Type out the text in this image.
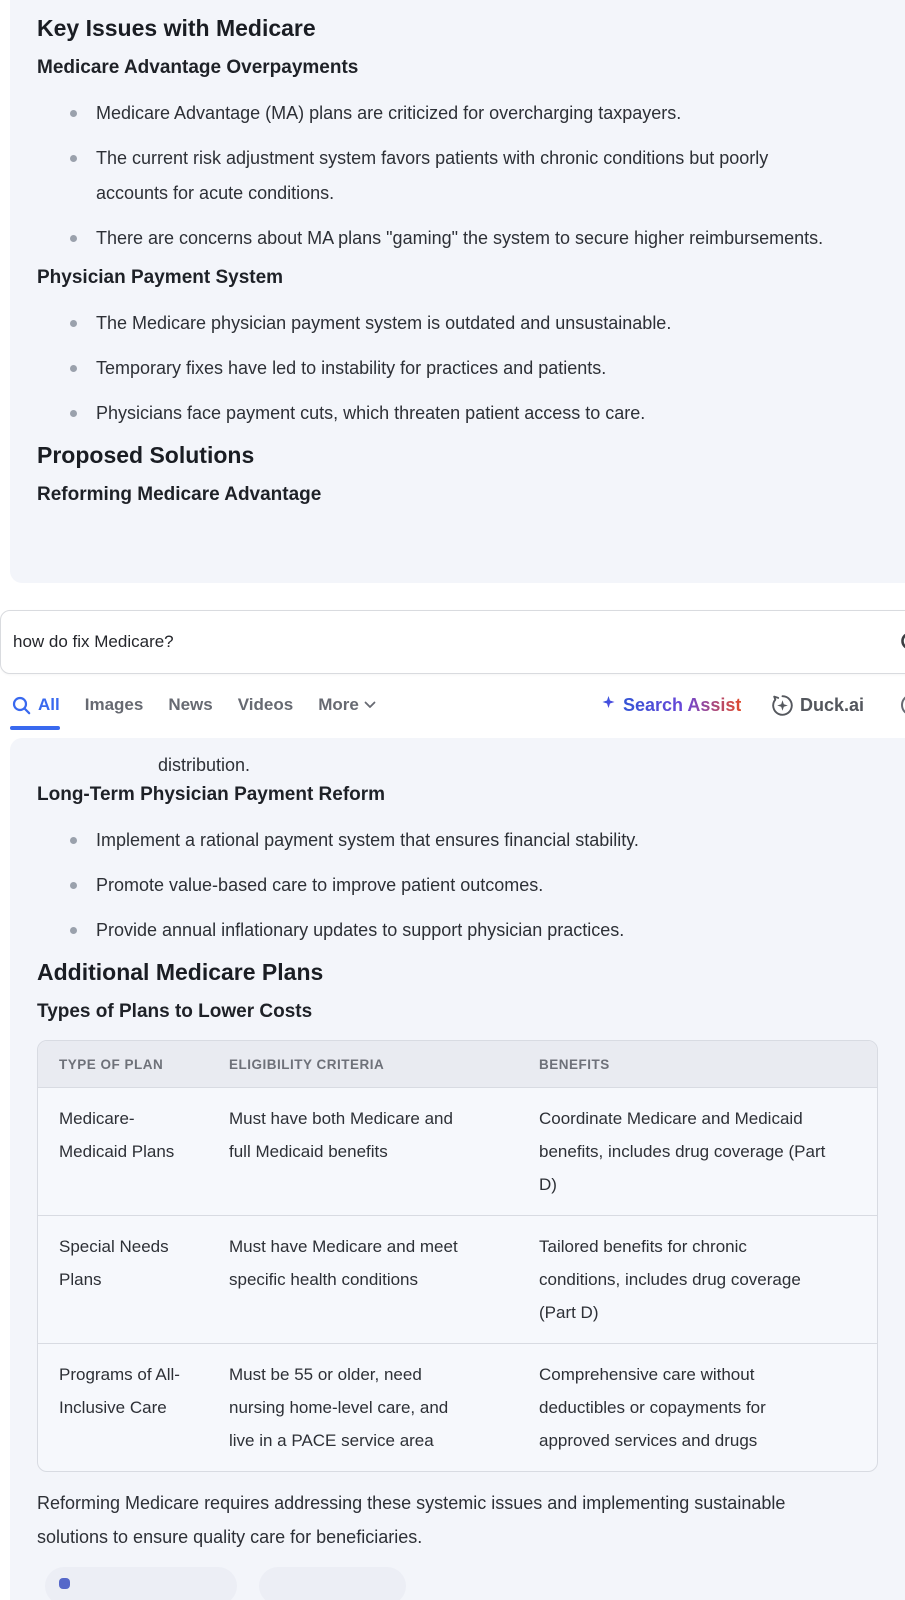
Key Issues with Medicare
Medicare Advantage Overpayments
Medicare Advantage (MA) plans are criticized for overcharging taxpayers.
The current risk adjustment system favors patients with chronic conditions but poorly accounts for acute conditions.
There are concerns about MA plans "gaming" the system to secure higher reimbursements.
Physician Payment System
The Medicare physician payment system is outdated and unsustainable.
Temporary fixes have led to instability for practices and patients.
Physicians face payment cuts, which threaten patient access to care.
Proposed Solutions
Reforming Medicare Advantage
how do fix Medicare?
All Images News Videos More	Search Assist	Duck.ai
distribution.
Long-Term Physician Payment Reform
Implement a rational payment system that ensures financial stability.
Promote value-based care to improve patient outcomes.
Provide annual inflationary updates to support physician practices.
Additional Medicare Plans
Types of Plans to Lower Costs
TYPE OF PLAN	ELIGIBILITY CRITERIA	BENEFITS
Medicare-Medicaid Plans	Must have both Medicare and full Medicaid benefits	Coordinate Medicare and Medicaid benefits, includes drug coverage (Part D)
Special Needs Plans	Must have Medicare and meet specific health conditions	Tailored benefits for chronic conditions, includes drug coverage (Part D)
Programs of All-Inclusive Care	Must be 55 or older, need nursing home-level care, and live in a PACE service area	Comprehensive care without deductibles or copayments for approved services and drugs

Reforming Medicare requires addressing these systemic issues and implementing sustainable solutions to ensure quality care for beneficiaries.
